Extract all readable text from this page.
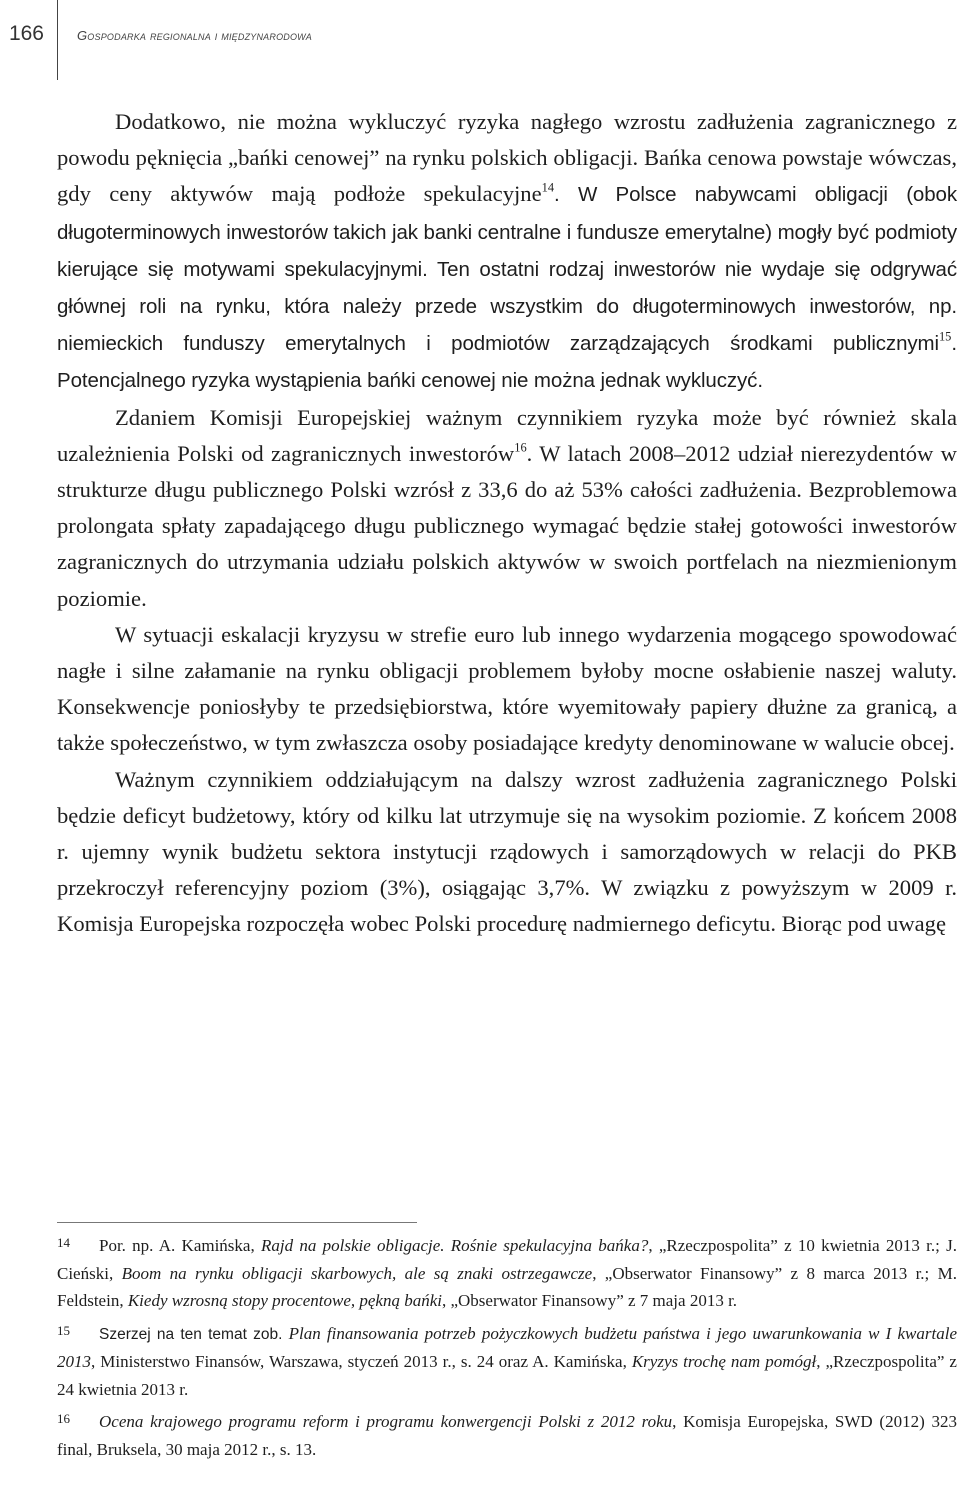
166	Gospodarka regionalna i międzynarodowa

Dodatkowo, nie można wykluczyć ryzyka nagłego wzrostu zadłużenia zagranicznego z powodu pęknięcia „bańki cenowej” na rynku polskich obligacji. Bańka cenowa powstaje wówczas, gdy ceny aktywów mają podłoże spekulacyjne$^{14}$. W Polsce nabywcami obligacji (obok długoterminowych inwestorów takich jak banki centralne i fundusze emerytalne) mogły być podmioty kierujące się motywami spekulacyjnymi. Ten ostatni rodzaj inwestorów nie wydaje się odgrywać głównej roli na rynku, która należy przede wszystkim do długoterminowych inwestorów, np. niemieckich funduszy emerytalnych i podmiotów zarządzających środkami publicznymi$^{15}$. Potencjalnego ryzyka wystąpienia bańki cenowej nie można jednak wykluczyć.

Zdaniem Komisji Europejskiej ważnym czynnikiem ryzyka może być również skala uzależnienia Polski od zagranicznych inwestorów$^{16}$. W latach 2008–2012 udział nierezydentów w strukturze długu publicznego Polski wzrósł z 33,6 do aż 53% całości zadłużenia. Bezproblemowa prolongata spłaty zapadającego długu publicznego wymagać będzie stałej gotowości inwestorów zagranicznych do utrzymania udziału polskich aktywów w swoich portfelach na niezmienionym poziomie.

W sytuacji eskalacji kryzysu w strefie euro lub innego wydarzenia mogącego spowodować nagłe i silne załamanie na rynku obligacji problemem byłoby mocne osłabienie naszej waluty. Konsekwencje poniosłyby te przedsiębiorstwa, które wyemitowały papiery dłużne za granicą, a także społeczeństwo, w tym zwłaszcza osoby posiadające kredyty denominowane w walucie obcej.

Ważnym czynnikiem oddziałującym na dalszy wzrost zadłużenia zagranicznego Polski będzie deficyt budżetowy, który od kilku lat utrzymuje się na wysokim poziomie. Z końcem 2008 r. ujemny wynik budżetu sektora instytucji rządowych i samorządowych w relacji do PKB przekroczył referencyjny poziom (3%), osiągając 3,7%. W związku z powyższym w 2009 r. Komisja Europejska rozpoczęła wobec Polski procedurę nadmiernego deficytu. Biorąc pod uwagę

14 Por. np. A. Kamińska, Rajd na polskie obligacje. Rośnie spekulacyjna bańka?, „Rzeczpospolita” z 10 kwietnia 2013 r.; J. Cieński, Boom na rynku obligacji skarbowych, ale są znaki ostrzegawcze, „Obserwator Finansowy” z 8 marca 2013 r.; M. Feldstein, Kiedy wzrosną stopy procentowe, pękną bańki, „Obserwator Finansowy” z 7 maja 2013 r.

15 Szerzej na ten temat zob. Plan finansowania potrzeb pożyczkowych budżetu państwa i jego uwarunkowania w I kwartale 2013, Ministerstwo Finansów, Warszawa, styczeń 2013 r., s. 24 oraz A. Kamińska, Kryzys trochę nam pomógł, „Rzeczpospolita” z 24 kwietnia 2013 r.

16 Ocena krajowego programu reform i programu konwergencji Polski z 2012 roku, Komisja Europejska, SWD (2012) 323 final, Bruksela, 30 maja 2012 r., s. 13.
